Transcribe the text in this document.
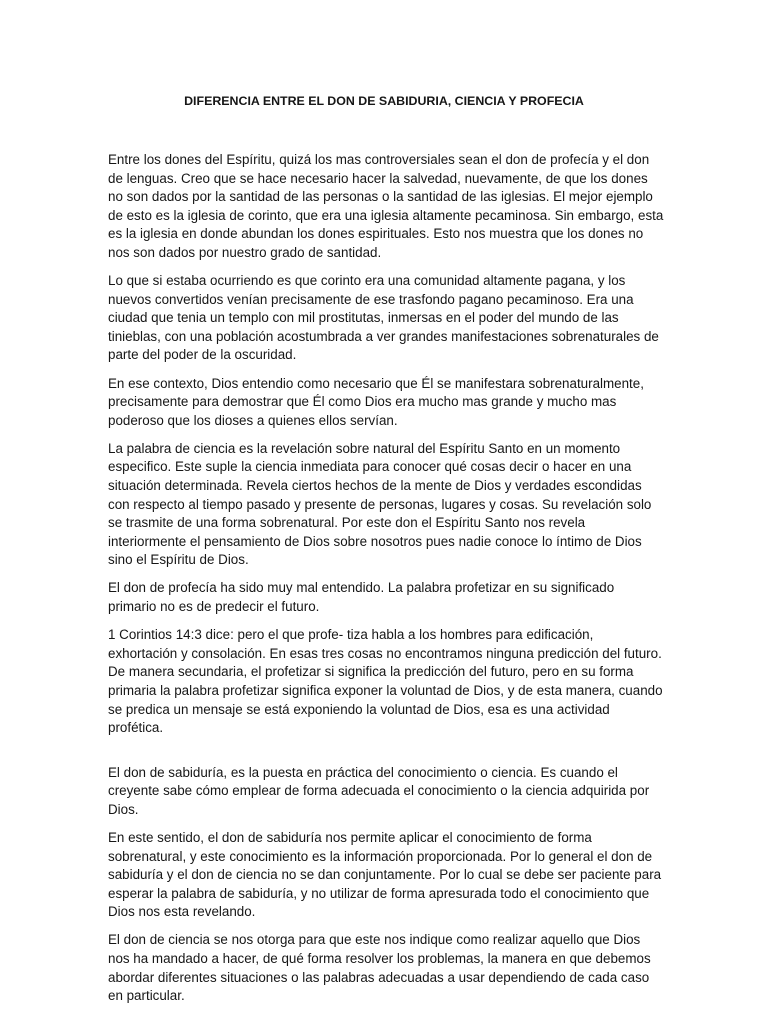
DIFERENCIA ENTRE EL DON DE SABIDURIA, CIENCIA Y PROFECIA

Entre los dones del Espíritu, quizá los mas controversiales sean el don de profecía y el don de lenguas. Creo que se hace necesario hacer la salvedad, nuevamente, de que los dones no son dados por la santidad de las personas o la santidad de las iglesias. El mejor ejemplo de esto es la iglesia de corinto, que era una iglesia altamente pecaminosa. Sin embargo, esta es la iglesia en donde abundan los dones espirituales. Esto nos muestra que los dones no nos son dados por nuestro grado de santidad.

Lo que si estaba ocurriendo es que corinto era una comunidad altamente pagana, y los nuevos convertidos venían precisamente de ese trasfondo pagano pecaminoso. Era una ciudad que tenia un templo con mil prostitutas, inmersas en el poder del mundo de las tinieblas, con una población acostumbrada a ver grandes manifestaciones sobrenaturales de parte del poder de la oscuridad.

En ese contexto, Dios entendio como necesario que Él se manifestara sobrenaturalmente, precisamente para demostrar que Él como Dios era mucho mas grande y mucho mas poderoso que los dioses a quienes ellos servían.

La palabra de ciencia es la revelación sobre natural del Espíritu Santo en un momento especifico. Este suple la ciencia inmediata para conocer qué cosas decir o hacer en una situación determinada. Revela ciertos hechos de la mente de Dios y verdades escondidas con respecto al tiempo pasado y presente de personas, lugares y cosas. Su revelación solo se trasmite de una forma sobrenatural. Por este don el Espíritu Santo nos revela interiormente el pensamiento de Dios sobre nosotros pues nadie conoce lo íntimo de Dios sino el Espíritu de Dios.

El don de profecía ha sido muy mal entendido. La palabra profetizar en su significado primario no es de predecir el futuro.

1 Corintios 14:3 dice: pero el que profe- tiza habla a los hombres para edificación, exhortación y consolación. En esas tres cosas no encontramos ninguna predicción del futuro. De manera secundaria, el profetizar si significa la predicción del futuro, pero en su forma primaria la palabra profetizar significa exponer la voluntad de Dios, y de esta manera, cuando se predica un mensaje se está exponiendo la voluntad de Dios, esa es una actividad profética.

El don de sabiduría, es la puesta en práctica del conocimiento o ciencia. Es cuando el creyente sabe cómo emplear de forma adecuada el conocimiento o la ciencia adquirida por Dios.

En este sentido, el don de sabiduría nos permite aplicar el conocimiento de forma sobrenatural, y este conocimiento es la información proporcionada. Por lo general el don de sabiduría y el don de ciencia no se dan conjuntamente. Por lo cual se debe ser paciente para esperar la palabra de sabiduría, y no utilizar de forma apresurada todo el conocimiento que Dios nos esta revelando.

El don de ciencia se nos otorga para que este nos indique como realizar aquello que Dios nos ha mandado a hacer, de qué forma resolver los problemas, la manera en que debemos abordar diferentes situaciones o las palabras adecuadas a usar dependiendo de cada caso en particular.
